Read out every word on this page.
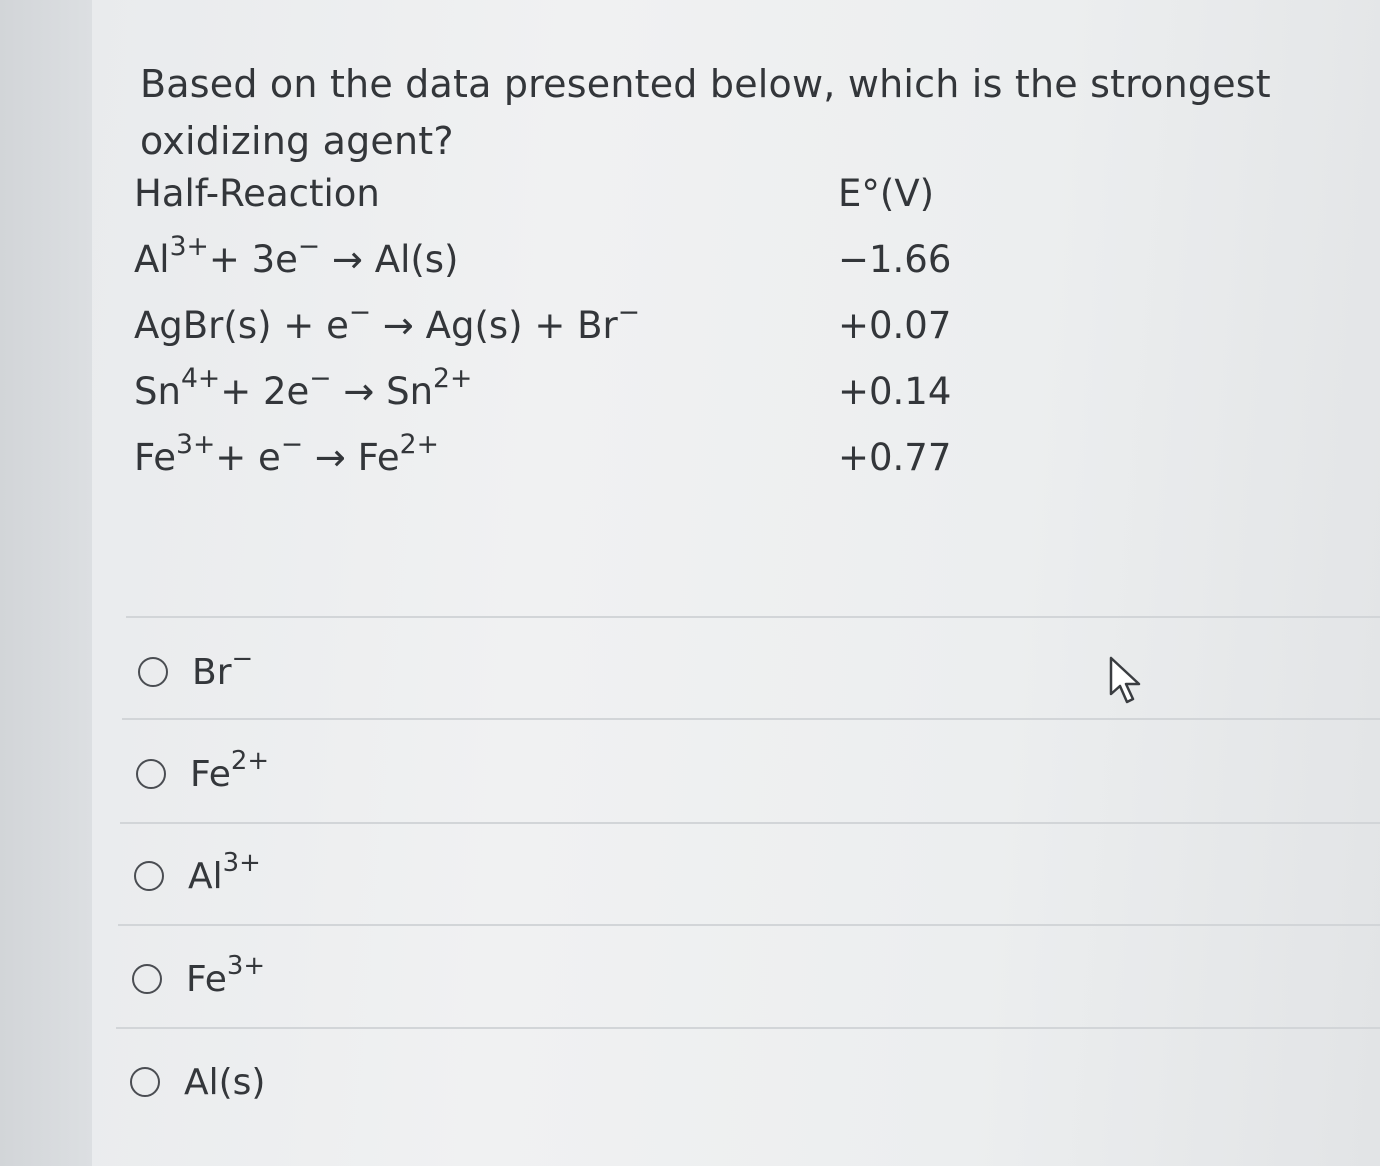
Based on the data presented below, which is the strongest oxidizing agent?
Half-Reaction	E°(V)
$Al^{3+}+ 3e^- \to Al(s)$	−1.66
AgBr(s) + e− → Ag(s) + Br−	+0.07
$Sn^{4+}+ 2e^- \to Sn^{2+}$	+0.14
$Fe^{3+}+ e^- \to Fe^{2+}$	+0.77
Br−
$Fe^{2+}$
$Al^{3+}$
$Fe^{3+}$
Al(s)
